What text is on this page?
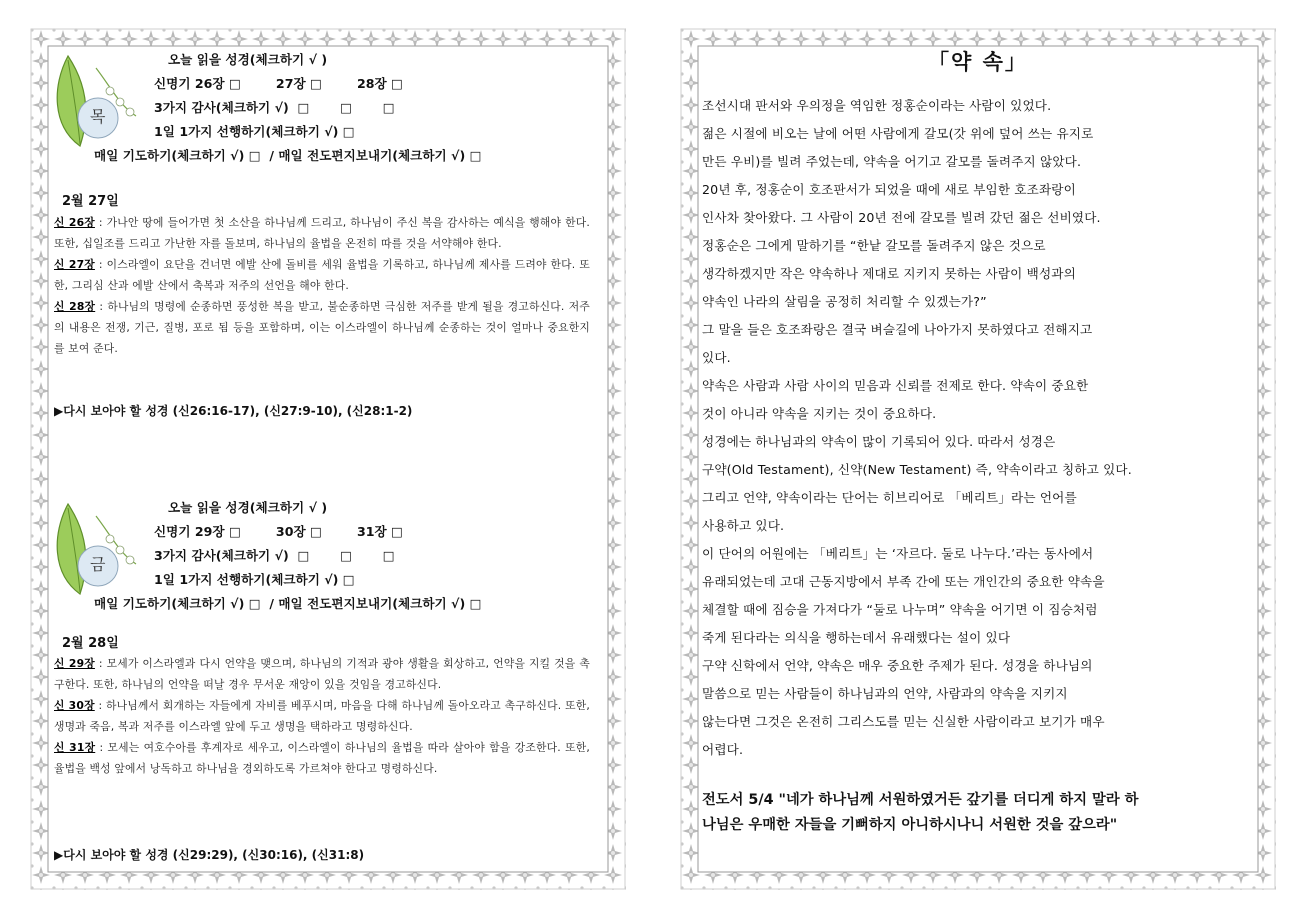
목
오늘 읽을 성경(체크하기 √ )
신명기 26장 □        27장 □        28장 □
3가지 감사(체크하기 √)  □       □       □
1일 1가지 선행하기(체크하기 √) □
매일 기도하기(체크하기 √) □  / 매일 전도편지보내기(체크하기 √) □
2월 27일
신 26장 : 가나안 땅에 들어가면 첫 소산을 하나님께 드리고, 하나님이 주신 복을 감사하는 예식을 행해야 한다. 또한, 십일조를 드리고 가난한 자를 돌보며, 하나님의 율법을 온전히 따를 것을 서약해야 한다.
신 27장 : 이스라엘이 요단을 건너면 에발 산에 돌비를 세워 율법을 기록하고, 하나님께 제사를 드려야 한다. 또한, 그리심 산과 에발 산에서 축복과 저주의 선언을 해야 한다.
신 28장 : 하나님의 명령에 순종하면 풍성한 복을 받고, 불순종하면 극심한 저주를 받게 될을 경고하신다. 저주의 내용은 전쟁, 기근, 질병, 포로 됨 등을 포함하며, 이는 이스라엘이 하나님께 순종하는 것이 얼마나 중요한지를 보여 준다.
▶다시 보아야 할 성경 (신26:16-17), (신27:9-10), (신28:1-2)
금
오늘 읽을 성경(체크하기 √ )
신명기 29장 □        30장 □        31장 □
3가지 감사(체크하기 √)  □       □       □
1일 1가지 선행하기(체크하기 √) □
매일 기도하기(체크하기 √) □  / 매일 전도편지보내기(체크하기 √) □
2월 28일
신 29장 : 모세가 이스라엘과 다시 언약을 맺으며, 하나님의 기적과 광야 생활을 회상하고, 언약을 지킬 것을 촉구한다. 또한, 하나님의 언약을 떠날 경우 무서운 재앙이 있을 것임을 경고하신다.
신 30장 : 하나님께서 회개하는 자들에게 자비를 베푸시며, 마음을 다해 하나님께 돌아오라고 촉구하신다. 또한, 생명과 죽음, 복과 저주를 이스라엘 앞에 두고 생명을 택하라고 명령하신다.
신 31장 : 모세는 여호수아를 후계자로 세우고, 이스라엘이 하나님의 율법을 따라 살아야 함을 강조한다. 또한, 율법을 백성 앞에서 낭독하고 하나님을 경외하도록 가르쳐야 한다고 명령하신다.
▶다시 보아야 할 성경 (신29:29), (신30:16), (신31:8)
「약 속」

조선시대 판서와 우의정을 역임한 정홍순이라는 사람이 있었다.

젊은 시절에 비오는 날에 어떤 사람에게 갈모(갓 위에 덮어 쓰는 유지로

만든 우비)를 빌려 주었는데, 약속을 어기고 갈모를 돌려주지 않았다.

20년 후, 정홍순이 호조판서가 되었을 때에 새로 부임한 호조좌랑이

인사차 찾아왔다. 그 사람이 20년 전에 갈모를 빌려 갔던 젊은 선비였다.

정홍순은 그에게 말하기를 “한낱 갈모를 돌려주지 않은 것으로

생각하겠지만 작은 약속하나 제대로 지키지 못하는 사람이 백성과의

약속인 나라의 살림을 공정히 처리할 수 있겠는가?”

그 말을 들은 호조좌랑은 결국 벼슬길에 나아가지 못하였다고 전해지고

있다.

약속은 사람과 사람 사이의 믿음과 신뢰를 전제로 한다. 약속이 중요한

것이 아니라 약속을 지키는 것이 중요하다.

성경에는 하나님과의 약속이 많이 기록되어 있다. 따라서 성경은

구약(Old Testament), 신약(New Testament) 즉, 약속이라고 칭하고 있다.

그리고 언약, 약속이라는 단어는 히브리어로 「베리트」라는 언어를

사용하고 있다.

이 단어의 어원에는 「베리트」는 ‘자르다. 둘로 나누다.’라는 동사에서

유래되었는데 고대 근동지방에서 부족 간에 또는 개인간의 중요한 약속을

체결할 때에 짐승을 가져다가 “둘로 나누며” 약속을 어기면 이 짐승처럼

죽게 된다라는 의식을 행하는데서 유래했다는 설이 있다

구약 신학에서 언약, 약속은 매우 중요한 주제가 된다. 성경을 하나님의

말씀으로 믿는 사람들이 하나님과의 언약, 사람과의 약속을 지키지

않는다면 그것은 온전히 그리스도를 믿는 신실한 사람이라고 보기가 매우

어렵다.

전도서 5/4 "네가 하나님께 서원하였거든 갚기를 더디게 하지 말라 하

나님은 우매한 자들을 기뻐하지 아니하시나니 서원한 것을 갚으라"
